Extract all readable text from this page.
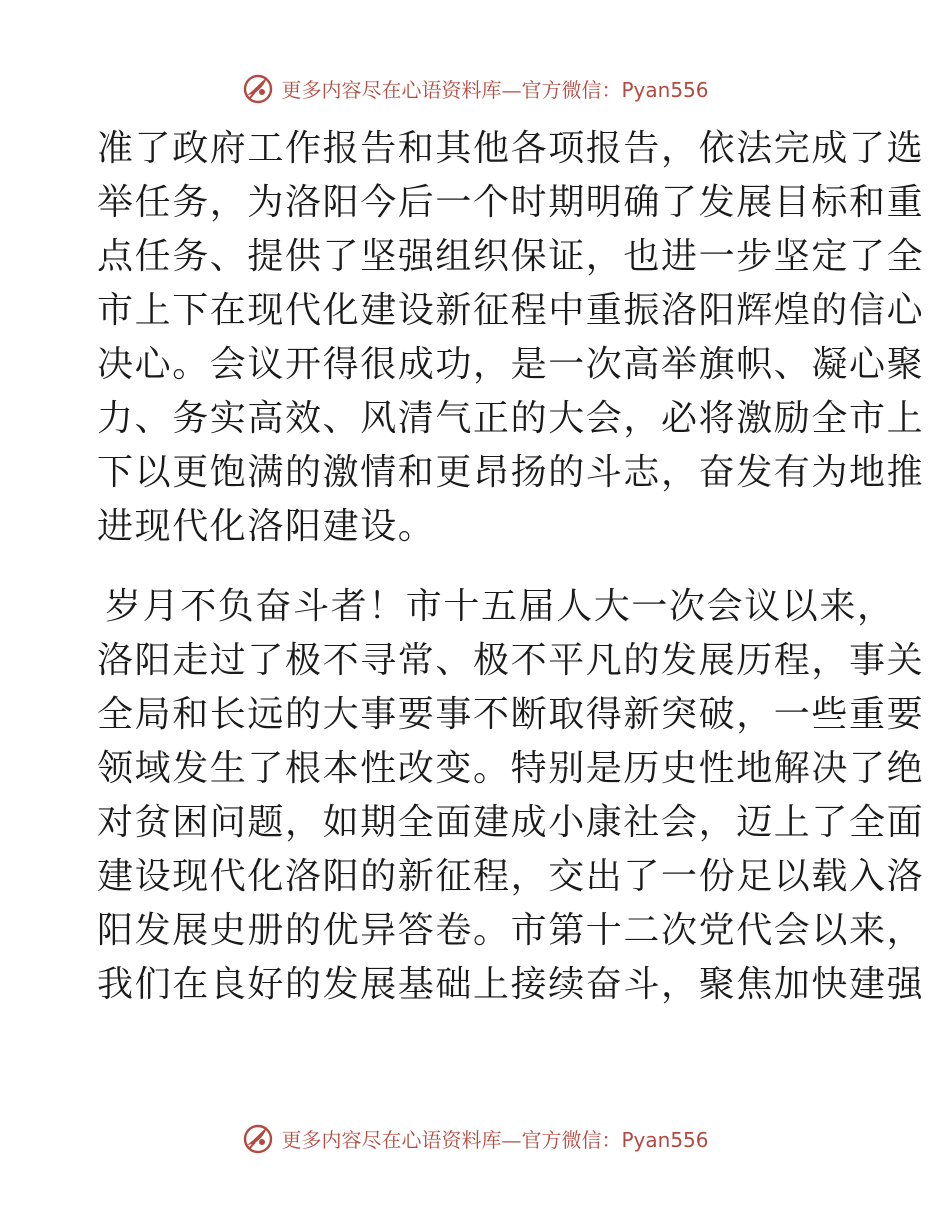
更多内容尽在心语资料库—官方微信：Pyan556
准了政府工作报告和其他各项报告，依法完成了选
举任务，为洛阳今后一个时期明确了发展目标和重
点任务、提供了坚强组织保证，也进一步坚定了全
市上下在现代化建设新征程中重振洛阳辉煌的信心
决心。会议开得很成功，是一次高举旗帜、凝心聚
力、务实高效、风清气正的大会，必将激励全市上
下以更饱满的激情和更昂扬的斗志，奋发有为地推
进现代化洛阳建设。
岁月不负奋斗者！市十五届人大一次会议以来，
洛阳走过了极不寻常、极不平凡的发展历程，事关
全局和长远的大事要事不断取得新突破，一些重要
领域发生了根本性改变。特别是历史性地解决了绝
对贫困问题，如期全面建成小康社会，迈上了全面
建设现代化洛阳的新征程，交出了一份足以载入洛
阳发展史册的优异答卷。市第十二次党代会以来，
我们在良好的发展基础上接续奋斗，聚焦加快建强
更多内容尽在心语资料库—官方微信：Pyan556
